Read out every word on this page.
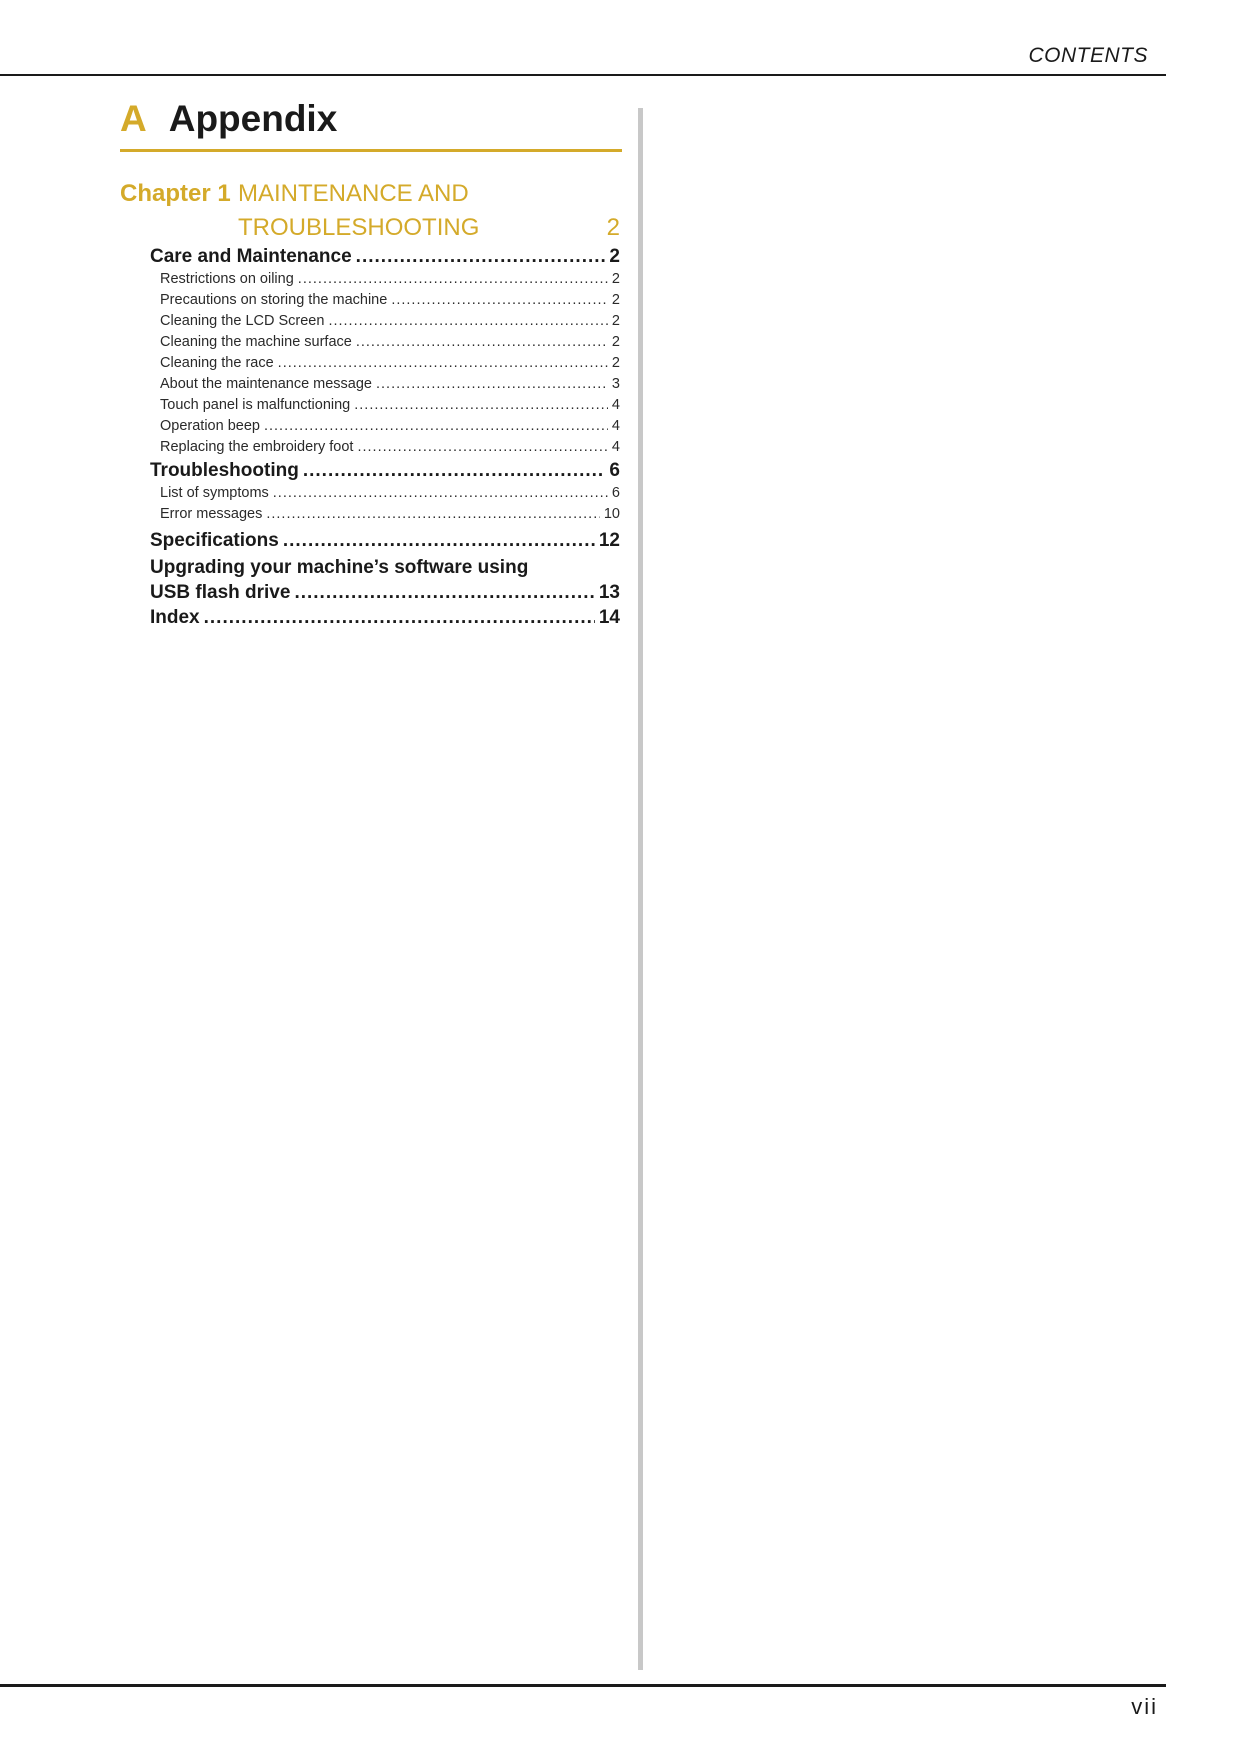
CONTENTS
A Appendix
Chapter 1 MAINTENANCE AND
TROUBLESHOOTING	2
Care and Maintenance .....	2
Restrictions on oiling .....	2
Precautions on storing the machine .....	2
Cleaning the LCD Screen .....	2
Cleaning the machine surface .....	2
Cleaning the race .....	2
About the maintenance message .....	3
Touch panel is malfunctioning .....	4
Operation beep .....	4
Replacing the embroidery foot .....	4
Troubleshooting .....	6
List of symptoms .....	6
Error messages .....	10
Specifications .....	12
Upgrading your machine’s software using
USB flash drive .....	13
Index .....	14
vii
